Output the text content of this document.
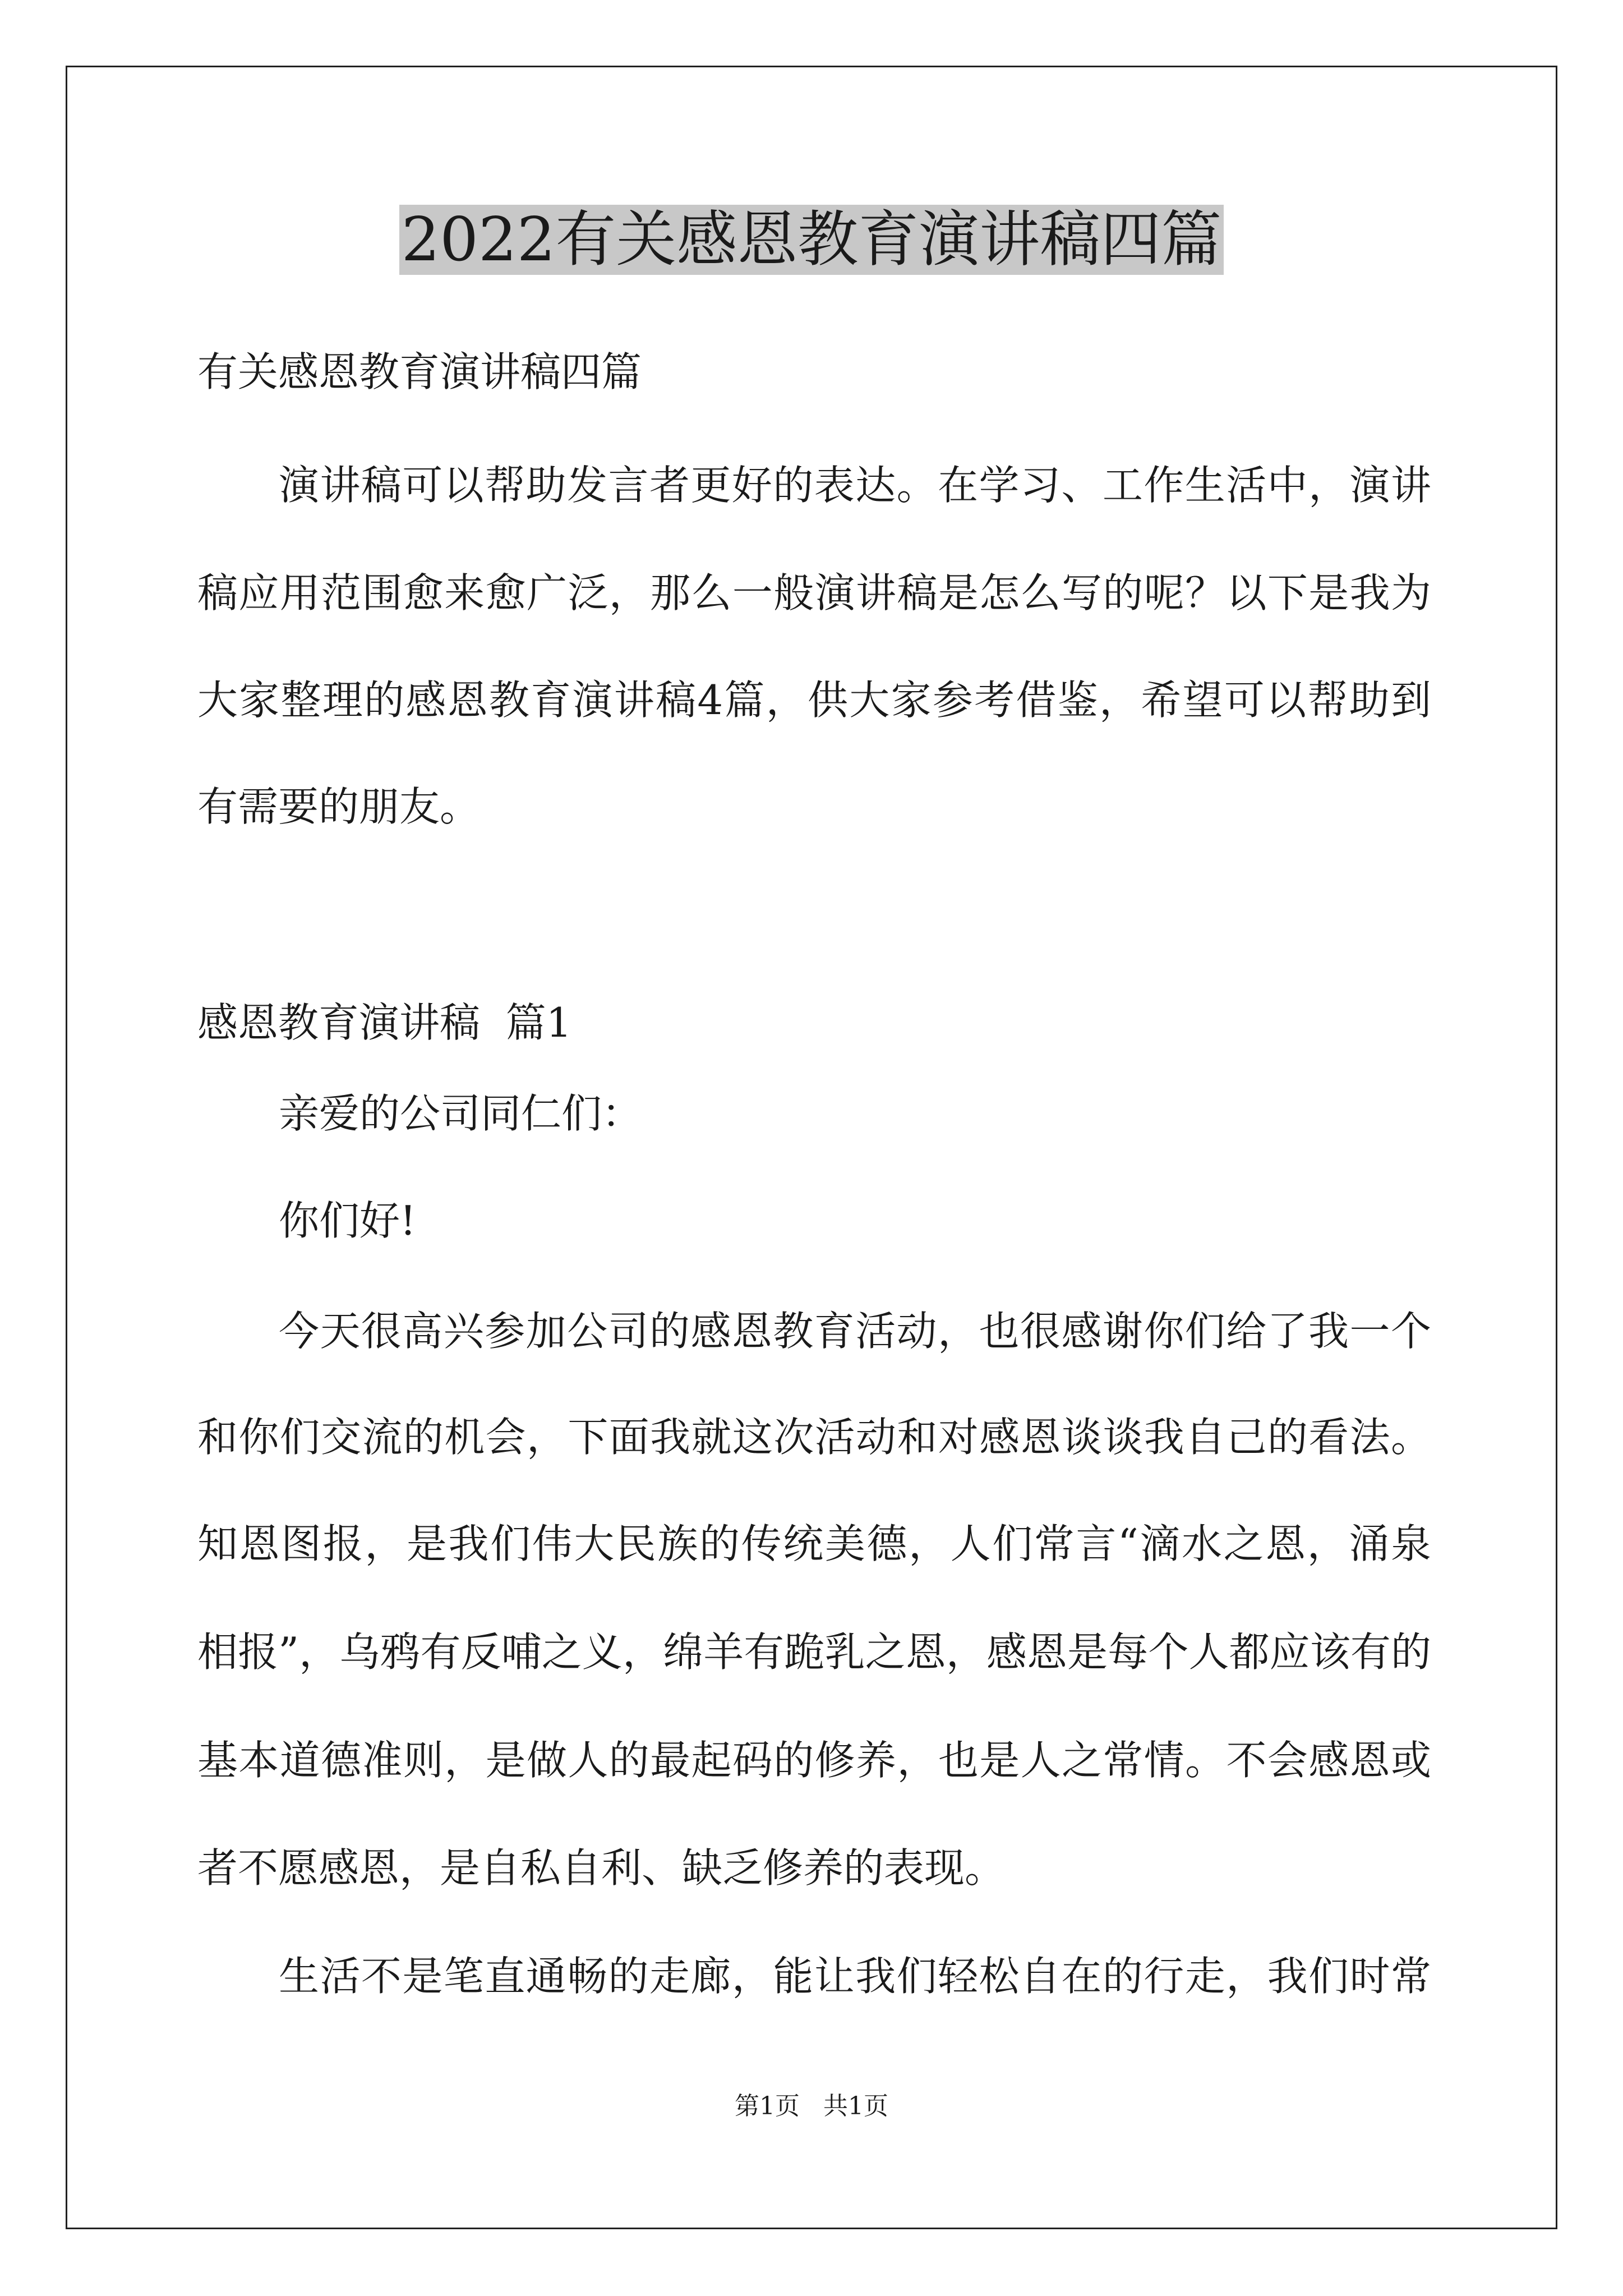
2022有关感恩教育演讲稿四篇
有关感恩教育演讲稿四篇
演讲稿可以帮助发言者更好的表达。在学习、工作生活中，演讲
稿应用范围愈来愈广泛，那么一般演讲稿是怎么写的呢？以下是我为
大家整理的感恩教育演讲稿4篇，供大家参考借鉴，希望可以帮助到
有需要的朋友。
感恩教育演讲稿  篇1
亲爱的公司同仁们：
你们好!
今天很高兴参加公司的感恩教育活动，也很感谢你们给了我一个
和你们交流的机会，下面我就这次活动和对感恩谈谈我自己的看法。
知恩图报，是我们伟大民族的传统美德，人们常言“滴水之恩，涌泉
相报”，乌鸦有反哺之义，绵羊有跪乳之恩，感恩是每个人都应该有的
基本道德准则，是做人的最起码的修养，也是人之常情。不会感恩或
者不愿感恩，是自私自利、缺乏修养的表现。
生活不是笔直通畅的走廊，能让我们轻松自在的行走，我们时常
第1页   共1页
